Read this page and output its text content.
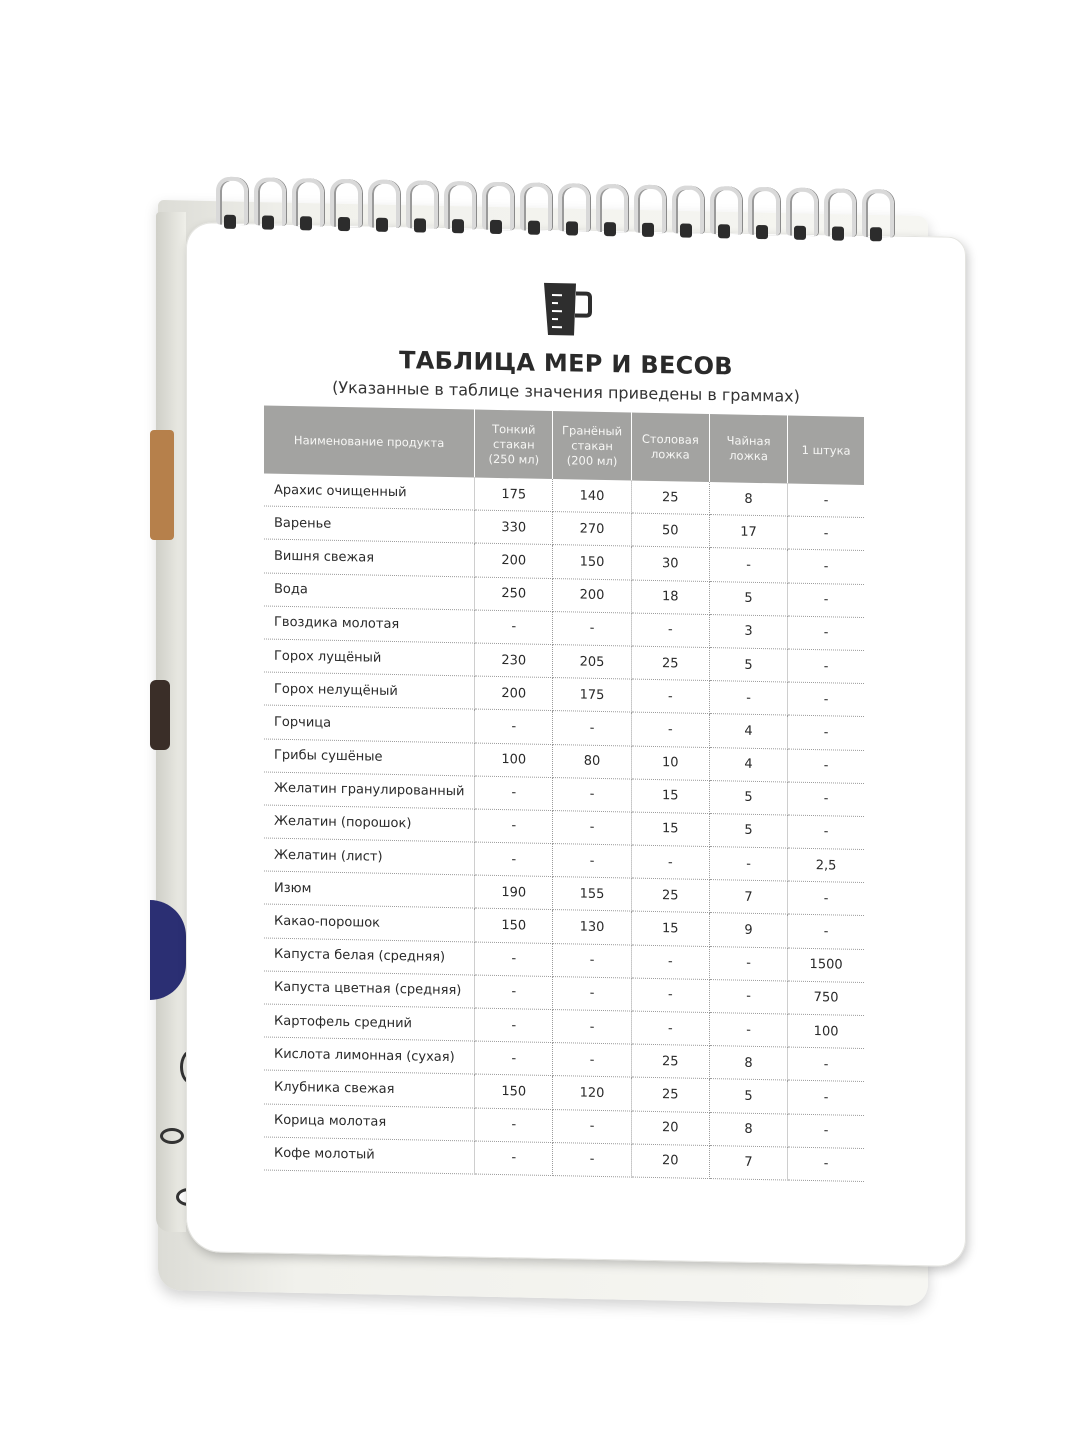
ТАБЛИЦА МЕР И ВЕСОВ
(Указанные в таблице значения приведены в граммах)
Наименование продукта	Тонкий стакан (250 мл)	Гранёный стакан (200 мл)	Столовая ложка	Чайная ложка	1 штука
Арахис очищенный	175	140	25	8	-
Варенье	330	270	50	17	-
Вишня свежая	200	150	30	-	-
Вода	250	200	18	5	-
Гвоздика молотая	-	-	-	3	-
Горох лущёный	230	205	25	5	-
Горох нелущёный	200	175	-	-	-
Горчица	-	-	-	4	-
Грибы сушёные	100	80	10	4	-
Желатин гранулированный	-	-	15	5	-
Желатин (порошок)	-	-	15	5	-
Желатин (лист)	-	-	-	-	2,5
Изюм	190	155	25	7	-
Какао-порошок	150	130	15	9	-
Капуста белая (средняя)	-	-	-	-	1500
Капуста цветная (средняя)	-	-	-	-	750
Картофель средний	-	-	-	-	100
Кислота лимонная (сухая)	-	-	25	8	-
Клубника свежая	150	120	25	5	-
Корица молотая	-	-	20	8	-
Кофе молотый	-	-	20	7	-
